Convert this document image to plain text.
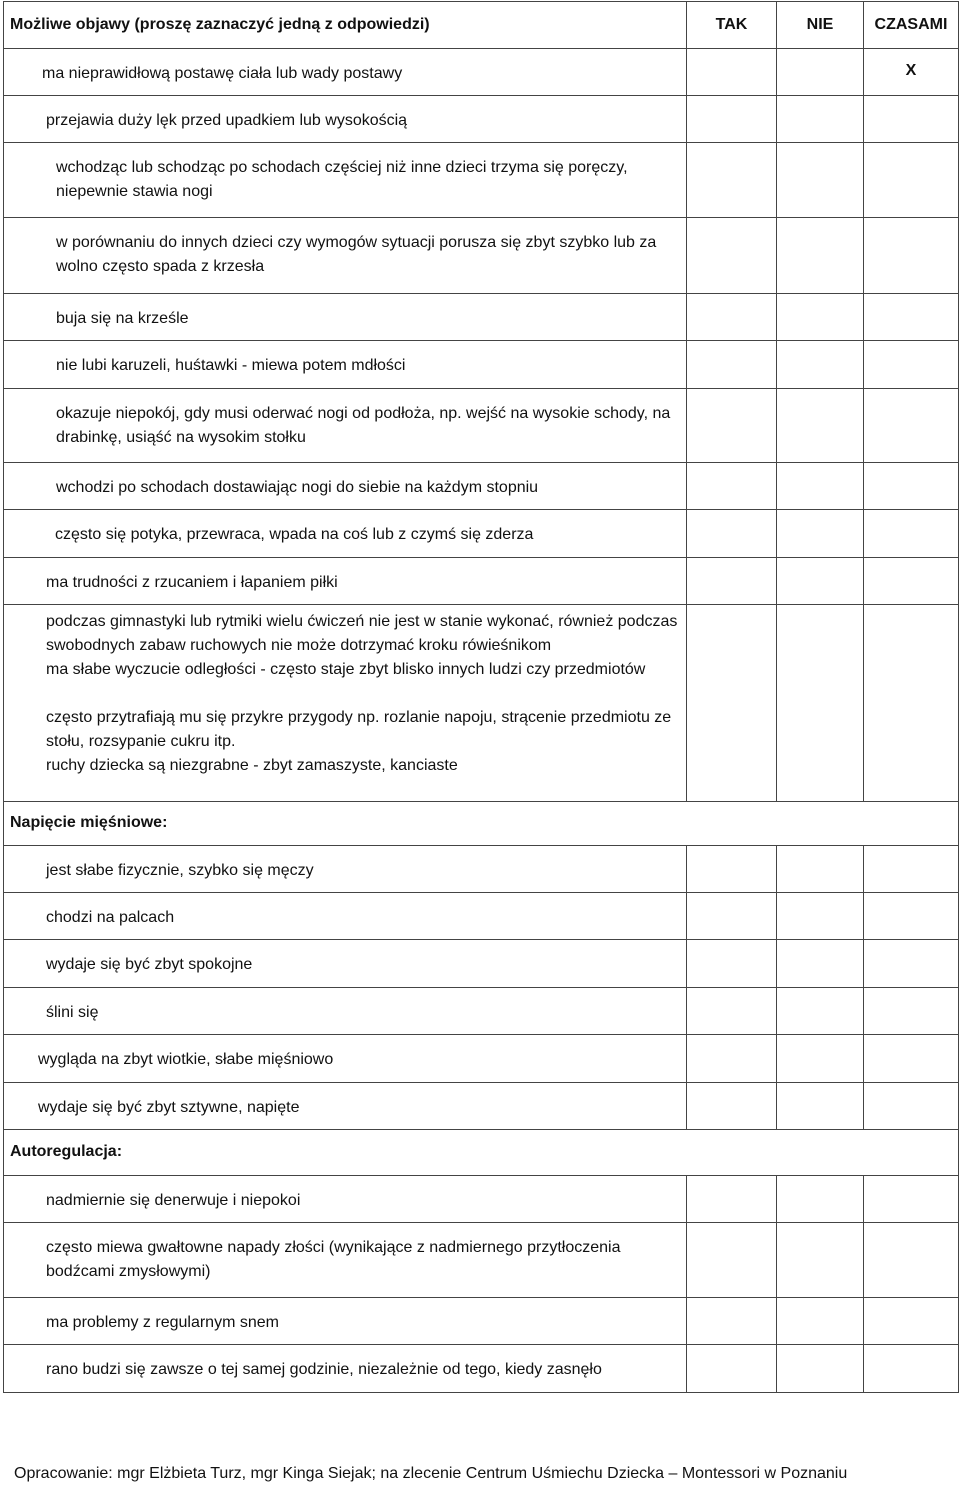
Możliwe objawy (proszę zaznaczyć jedną z odpowiedzi)	TAK	NIE	CZASAMI

ma nieprawidłową postawę ciała lub wady postawy			X

przejawia duży lęk przed upadkiem lub wysokością			

wchodząc lub schodząc po schodach częściej niż inne dzieci trzyma się poręczy, niepewnie stawia nogi			

w porównaniu do innych dzieci czy wymogów sytuacji porusza się zbyt szybko lub za wolno często spada z krzesła			

buja się na krześle			

nie lubi karuzeli, huśtawki - miewa potem mdłości			

okazuje niepokój, gdy musi oderwać nogi od podłoża, np. wejść na wysokie schody, na drabinkę, usiąść na wysokim stołku			

wchodzi po schodach dostawiając nogi do siebie na każdym stopniu			

często się potyka, przewraca, wpada na coś lub z czymś się zderza			

ma trudności z rzucaniem i łapaniem piłki			

podczas gimnastyki lub rytmiki wielu ćwiczeń nie jest w stanie wykonać, również podczas swobodnych zabaw ruchowych nie może dotrzymać kroku rówieśnikom			

ma słabe wyczucie odległości - często staje zbyt blisko innych ludzi czy przedmiotów			

często przytrafiają mu się przykre przygody np. rozlanie napoju, strącenie przedmiotu ze stołu, rozsypanie cukru itp.			

ruchy dziecka są niezgrabne - zbyt zamaszyste, kanciaste			

Napięcie mięśniowe:			

jest słabe fizycznie, szybko się męczy			

chodzi na palcach			

wydaje się być zbyt spokojne			

ślini się			

wygląda na zbyt wiotkie, słabe mięśniowo			

wydaje się być zbyt sztywne, napięte			

Autoregulacja:			

nadmiernie się denerwuje i niepokoi			

często miewa gwałtowne napady złości (wynikające z nadmiernego przytłoczenia bodźcami zmysłowymi)			

ma problemy z regularnym snem			

rano budzi się zawsze o tej samej godzinie, niezależnie od tego, kiedy zasnęło			

Opracowanie: mgr Elżbieta Turz, mgr Kinga Siejak; na zlecenie Centrum Uśmiechu Dziecka – Montessori w Poznaniu
